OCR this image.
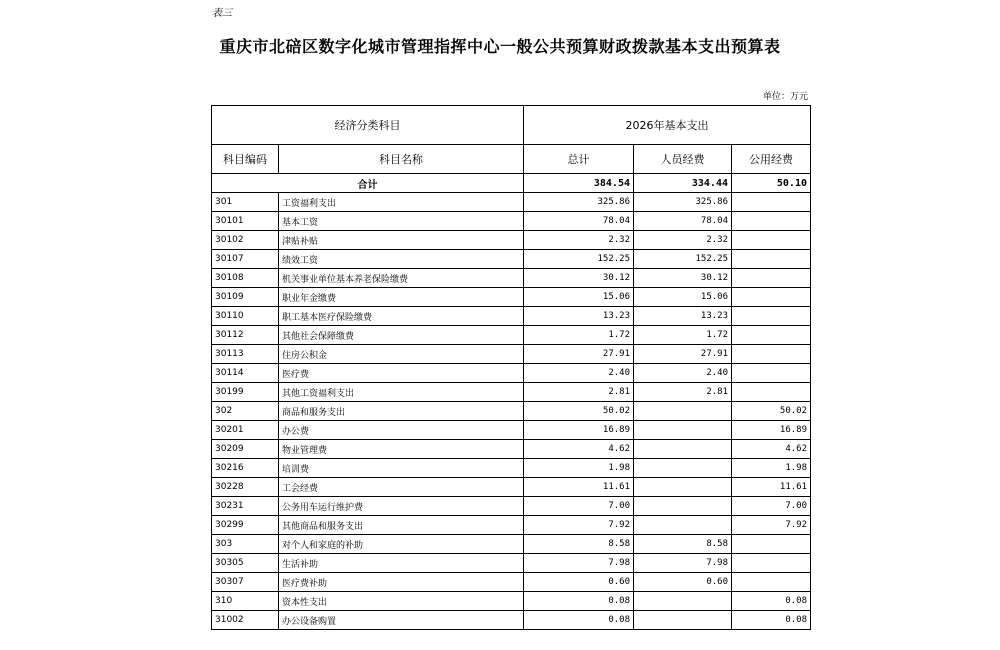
表三
重庆市北碚区数字化城市管理指挥中心一般公共预算财政拨款基本支出预算表
单位：万元
经济分类科目		2026年基本支出		
科目编码	科目名称	总计	人员经费	公用经费
合计		384.54	334.44	50.10
301	工资福利支出	325.86	325.86	
30101	基本工资	78.04	78.04	
30102	津贴补贴	2.32	2.32	
30107	绩效工资	152.25	152.25	
30108	机关事业单位基本养老保险缴费	30.12	30.12	
30109	职业年金缴费	15.06	15.06	
30110	职工基本医疗保险缴费	13.23	13.23	
30112	其他社会保障缴费	1.72	1.72	
30113	住房公积金	27.91	27.91	
30114	医疗费	2.40	2.40	
30199	其他工资福利支出	2.81	2.81	
302	商品和服务支出	50.02		50.02
30201	办公费	16.89		16.89
30209	物业管理费	4.62		4.62
30216	培训费	1.98		1.98
30228	工会经费	11.61		11.61
30231	公务用车运行维护费	7.00		7.00
30299	其他商品和服务支出	7.92		7.92
303	对个人和家庭的补助	8.58	8.58	
30305	生活补助	7.98	7.98	
30307	医疗费补助	0.60	0.60	
310	资本性支出	0.08		0.08
31002	办公设备购置	0.08		0.08
